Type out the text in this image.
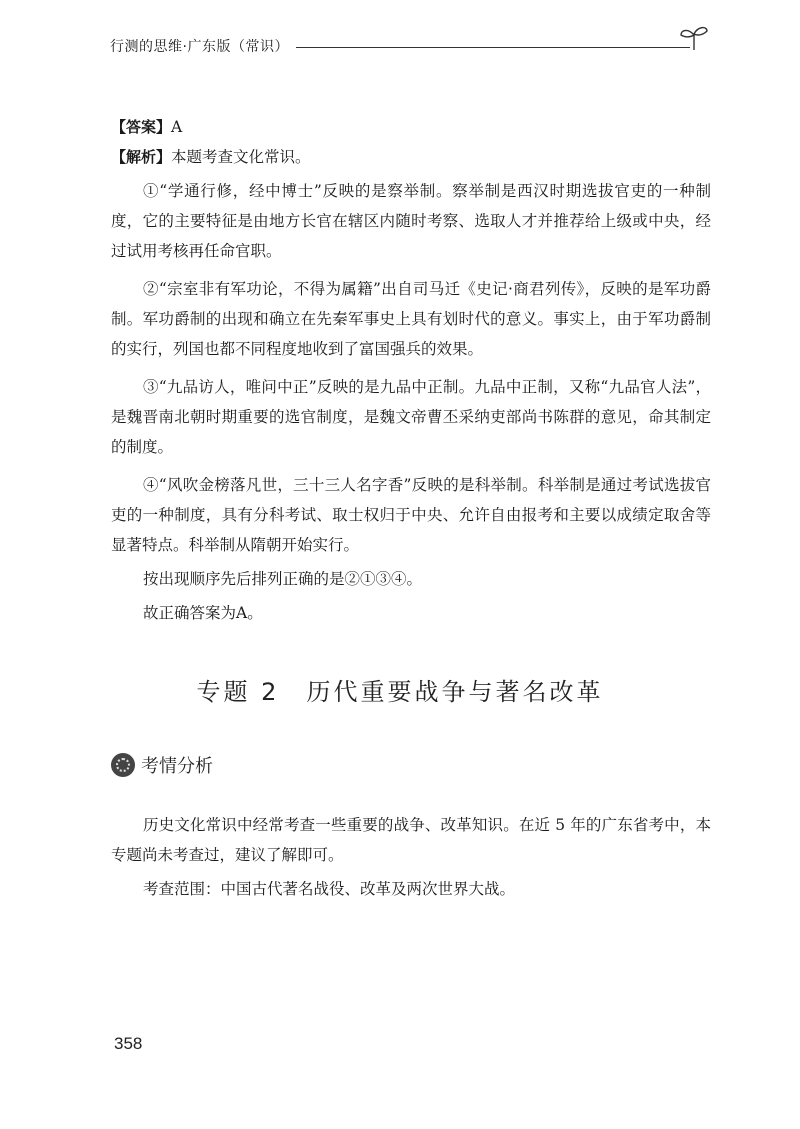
行测的思维·广东版（常识）

【答案】A

【解析】本题考查文化常识。

①“学通行修，经中博士”反映的是察举制。察举制是西汉时期选拔官吏的一种制度，它的主要特征是由地方长官在辖区内随时考察、选取人才并推荐给上级或中央，经过试用考核再任命官职。

②“宗室非有军功论，不得为属籍”出自司马迁《史记·商君列传》，反映的是军功爵制。军功爵制的出现和确立在先秦军事史上具有划时代的意义。事实上，由于军功爵制的实行，列国也都不同程度地收到了富国强兵的效果。

③“九品访人，唯问中正”反映的是九品中正制。九品中正制，又称“九品官人法”，是魏晋南北朝时期重要的选官制度，是魏文帝曹丕采纳吏部尚书陈群的意见，命其制定的制度。

④“风吹金榜落凡世，三十三人名字香”反映的是科举制。科举制是通过考试选拔官吏的一种制度，具有分科考试、取士权归于中央、允许自由报考和主要以成绩定取舍等显著特点。科举制从隋朝开始实行。

按出现顺序先后排列正确的是②①③④。

故正确答案为A。

专题 2　历代重要战争与著名改革
考情分析

历史文化常识中经常考查一些重要的战争、改革知识。在近 5 年的广东省考中，本专题尚未考查过，建议了解即可。

考查范围：中国古代著名战役、改革及两次世界大战。

358
